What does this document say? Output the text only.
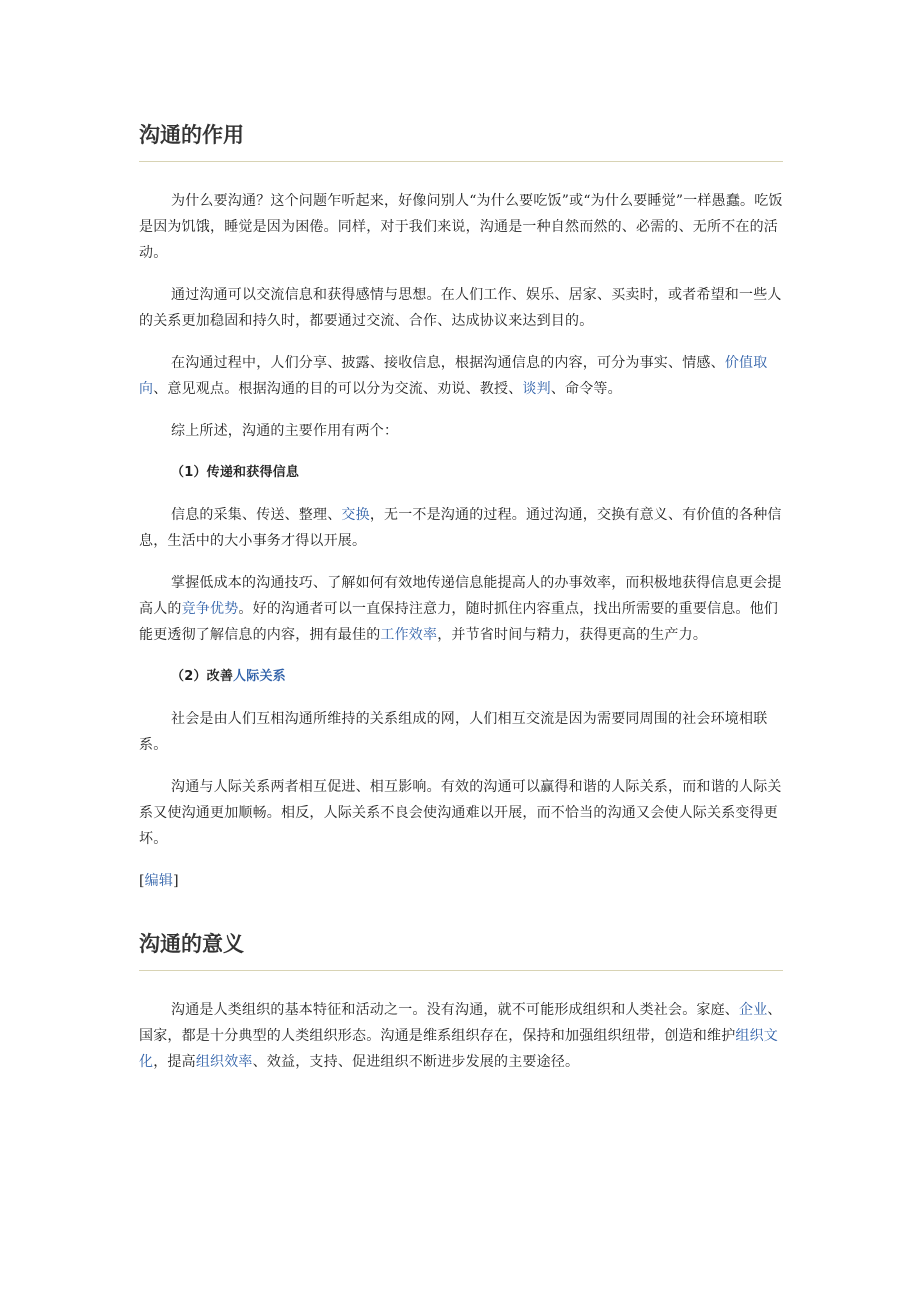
沟通的作用

为什么要沟通？这个问题乍听起来，好像问别人“为什么要吃饭”或“为什么要睡觉”一样愚蠢。吃饭是因为饥饿，睡觉是因为困倦。同样，对于我们来说，沟通是一种自然而然的、必需的、无所不在的活动。

通过沟通可以交流信息和获得感情与思想。在人们工作、娱乐、居家、买卖时，或者希望和一些人的关系更加稳固和持久时，都要通过交流、合作、达成协议来达到目的。

在沟通过程中，人们分享、披露、接收信息，根据沟通信息的内容，可分为事实、情感、价值取向、意见观点。根据沟通的目的可以分为交流、劝说、教授、谈判、命令等。

综上所述，沟通的主要作用有两个：

（1）传递和获得信息

信息的采集、传送、整理、交换，无一不是沟通的过程。通过沟通，交换有意义、有价值的各种信息，生活中的大小事务才得以开展。

掌握低成本的沟通技巧、了解如何有效地传递信息能提高人的办事效率，而积极地获得信息更会提高人的竞争优势。好的沟通者可以一直保持注意力，随时抓住内容重点，找出所需要的重要信息。他们能更透彻了解信息的内容，拥有最佳的工作效率，并节省时间与精力，获得更高的生产力。

（2）改善人际关系

社会是由人们互相沟通所维持的关系组成的网，人们相互交流是因为需要同周围的社会环境相联系。

沟通与人际关系两者相互促进、相互影响。有效的沟通可以赢得和谐的人际关系，而和谐的人际关系又使沟通更加顺畅。相反，人际关系不良会使沟通难以开展，而不恰当的沟通又会使人际关系变得更坏。

[编辑]

沟通的意义

沟通是人类组织的基本特征和活动之一。没有沟通，就不可能形成组织和人类社会。家庭、企业、国家，都是十分典型的人类组织形态。沟通是维系组织存在，保持和加强组织纽带，创造和维护组织文化，提高组织效率、效益，支持、促进组织不断进步发展的主要途径。
